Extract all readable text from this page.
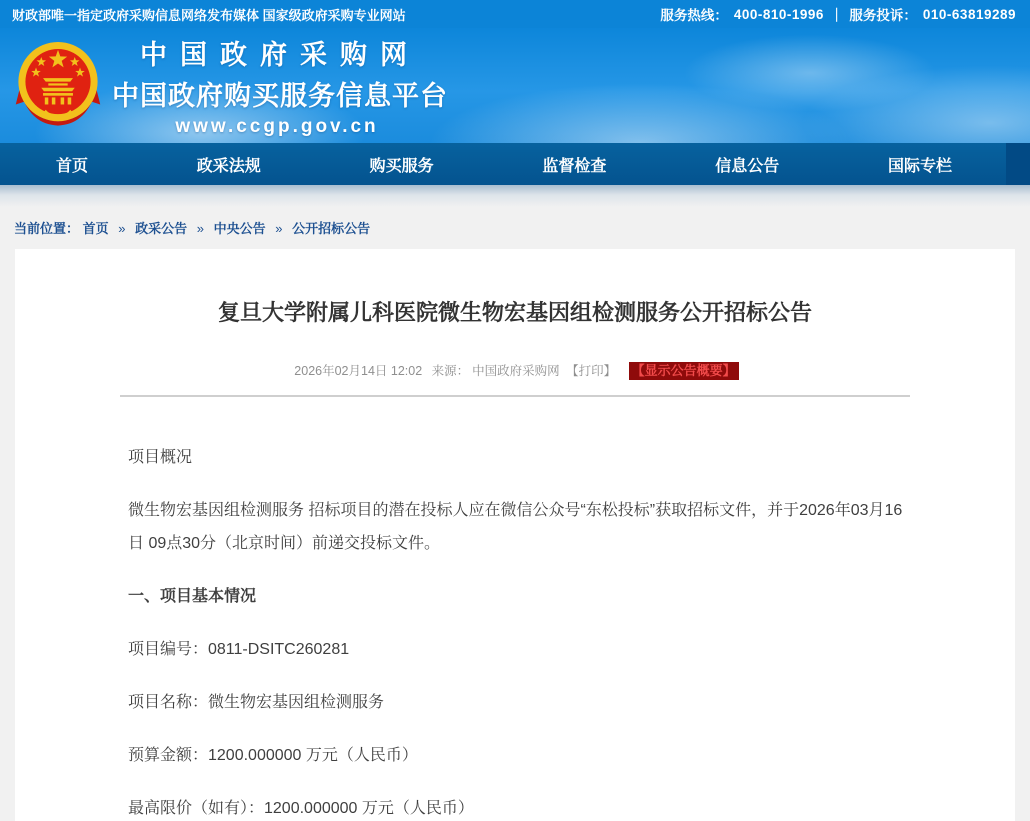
财政部唯一指定政府采购信息网络发布媒体 国家级政府采购专业网站	服务热线： 400-810-1996 ｜ 服务投诉： 010-63819289
中国政府采购网
中国政府购买服务信息平台
www.ccgp.gov.cn
首页	政采法规	购买服务	监督检查	信息公告	国际专栏
当前位置： 首页 » 政采公告 » 中央公告 » 公开招标公告
复旦大学附属儿科医院微生物宏基因组检测服务公开招标公告
2026年02月14日 12:02 来源： 中国政府采购网 【打印】 【显示公告概要】

项目概况

微生物宏基因组检测服务 招标项目的潜在投标人应在微信公众号“东松投标”获取招标文件，并于2026年03月16日 09点30分（北京时间）前递交投标文件。

一、项目基本情况

项目编号：0811-DSITC260281

项目名称：微生物宏基因组检测服务

预算金额：1200.000000 万元（人民币）

最高限价（如有）：1200.000000 万元（人民币）
